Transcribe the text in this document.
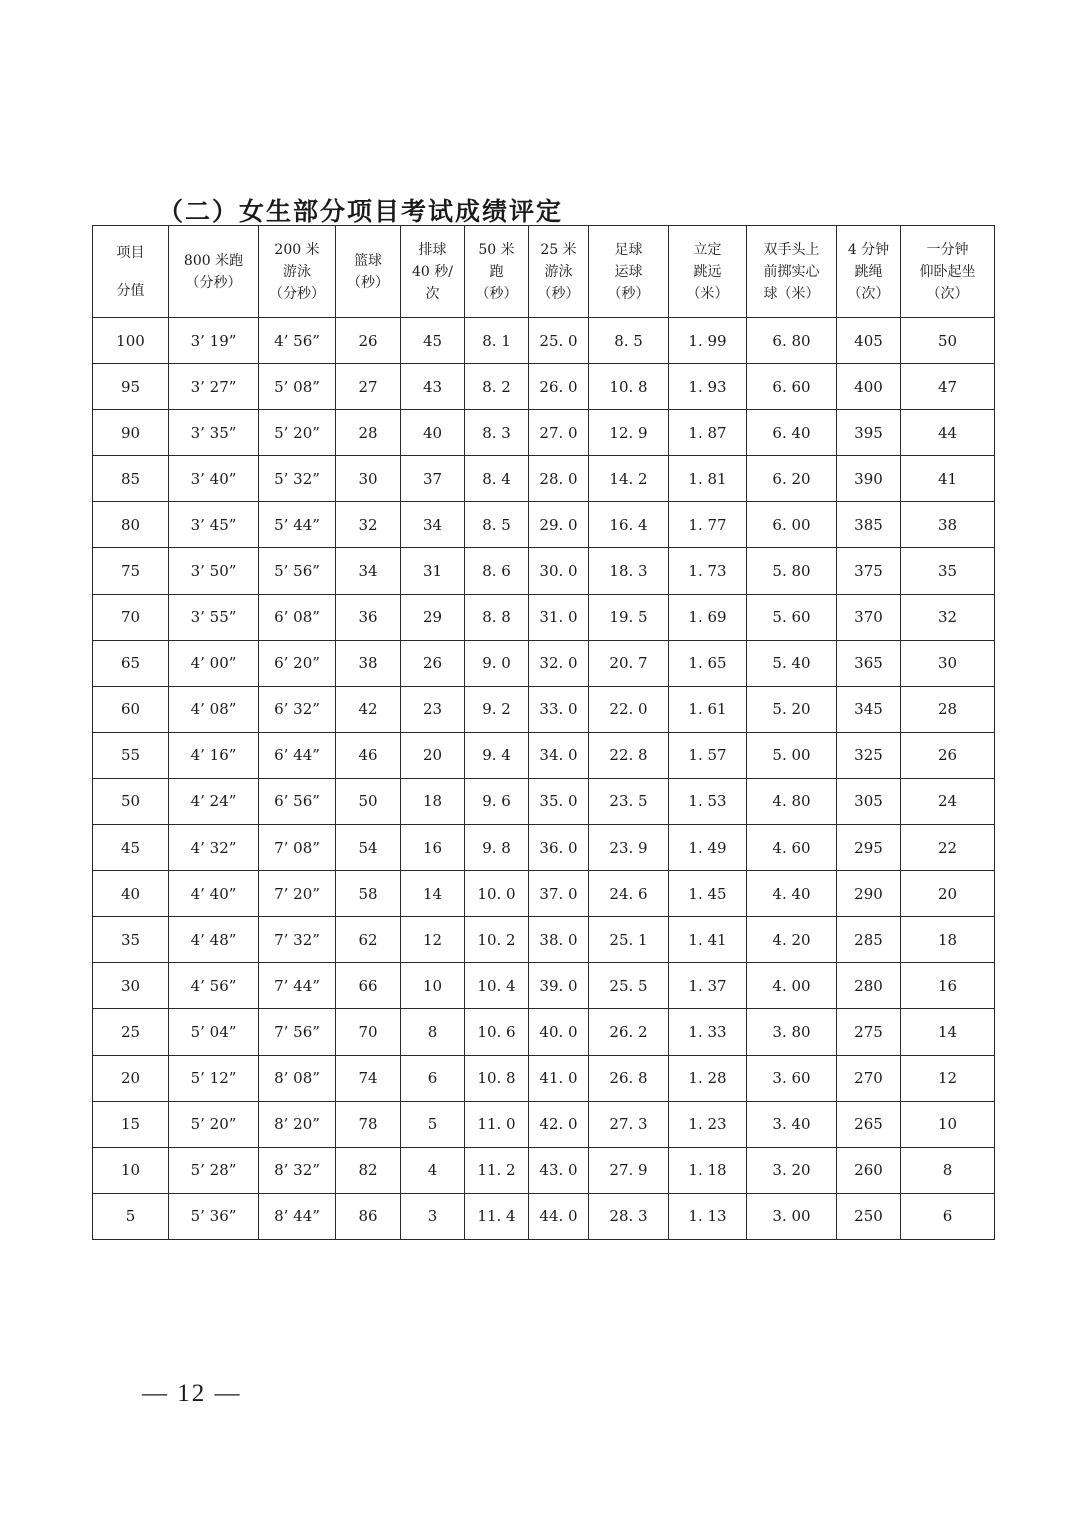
（二）女生部分项目考试成绩评定
项目
分值	800 米跑
（分秒）	200 米
游泳
（分秒）	篮球
（秒）	排球
40 秒/
次	50 米
跑
（秒）	25 米
游泳
（秒）	足球
运球
（秒）	立定
跳远
（米）	双手头上
前掷实心
球（米）	4 分钟
跳绳
（次）	一分钟
仰卧起坐
（次）

100	3’ 19”	4’ 56”	26	45	8. 1	25. 0	8. 5	1. 99	6. 80	405	50
95	3’ 27”	5’ 08”	27	43	8. 2	26. 0	10. 8	1. 93	6. 60	400	47
90	3’ 35”	5’ 20”	28	40	8. 3	27. 0	12. 9	1. 87	6. 40	395	44
85	3’ 40”	5’ 32”	30	37	8. 4	28. 0	14. 2	1. 81	6. 20	390	41
80	3’ 45”	5’ 44”	32	34	8. 5	29. 0	16. 4	1. 77	6. 00	385	38
75	3’ 50”	5’ 56”	34	31	8. 6	30. 0	18. 3	1. 73	5. 80	375	35
70	3’ 55”	6’ 08”	36	29	8. 8	31. 0	19. 5	1. 69	5. 60	370	32
65	4’ 00”	6’ 20”	38	26	9. 0	32. 0	20. 7	1. 65	5. 40	365	30
60	4’ 08”	6’ 32”	42	23	9. 2	33. 0	22. 0	1. 61	5. 20	345	28
55	4’ 16”	6’ 44”	46	20	9. 4	34. 0	22. 8	1. 57	5. 00	325	26
50	4’ 24”	6’ 56”	50	18	9. 6	35. 0	23. 5	1. 53	4. 80	305	24
45	4’ 32”	7’ 08”	54	16	9. 8	36. 0	23. 9	1. 49	4. 60	295	22
40	4’ 40”	7’ 20”	58	14	10. 0	37. 0	24. 6	1. 45	4. 40	290	20
35	4’ 48”	7’ 32”	62	12	10. 2	38. 0	25. 1	1. 41	4. 20	285	18
30	4’ 56”	7’ 44”	66	10	10. 4	39. 0	25. 5	1. 37	4. 00	280	16
25	5’ 04”	7’ 56”	70	8	10. 6	40. 0	26. 2	1. 33	3. 80	275	14
20	5’ 12”	8’ 08”	74	6	10. 8	41. 0	26. 8	1. 28	3. 60	270	12
15	5’ 20”	8’ 20”	78	5	11. 0	42. 0	27. 3	1. 23	3. 40	265	10
10	5’ 28”	8’ 32”	82	4	11. 2	43. 0	27. 9	1. 18	3. 20	260	8
5	5’ 36”	8’ 44”	86	3	11. 4	44. 0	28. 3	1. 13	3. 00	250	6
— 12 —
